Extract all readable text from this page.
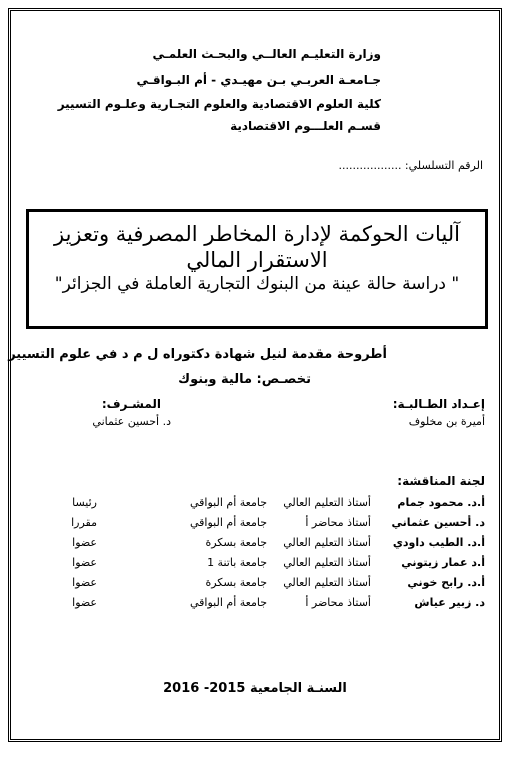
وزارة التعليـم العالــي والبحـث العلمـي
جـامعـة العربـي بـن مهيـدي - أم البـواقـي
كلية العلوم الاقتصادية والعلوم التجـارية وعلـوم التسيير
قسـم العلـــوم الاقتصادية
الرقم التسلسلي: ..................
آليات الحوكمة لإدارة المخاطر المصرفية وتعزيز
الاستقرار المالي
" دراسة حالة عينة من البنوك التجارية العاملة في الجزائر"
أطروحة مقدمة لنيل شهادة دكتوراه ل م د في علوم التسيير
تخصـص: مالية وبنوك
إعـداد الطـالبـة:
أميرة بن مخلوف
المشـرف:
د. أحسين عثماني
لجنة المناقشة:
أ.د. محمود جمام
أستاذ التعليم العالي
جامعة أم البواقي
رئيسا
د. أحسين عثماني
أستاذ محاضر أ
جامعة أم البواقي
مقررا
أ.د. الطيب داودي
أستاذ التعليم العالي
جامعة بسكرة
عضوا
أ.د عمار زيتوني
أستاذ التعليم العالي
جامعة باتنة 1
عضوا
أ.د. رابح خوني
أستاذ التعليم العالي
جامعة بسكرة
عضوا
د. زبير عياش
أستاذ محاضر أ
جامعة أم البواقي
عضوا
السنـة الجامعية 2015- 2016
